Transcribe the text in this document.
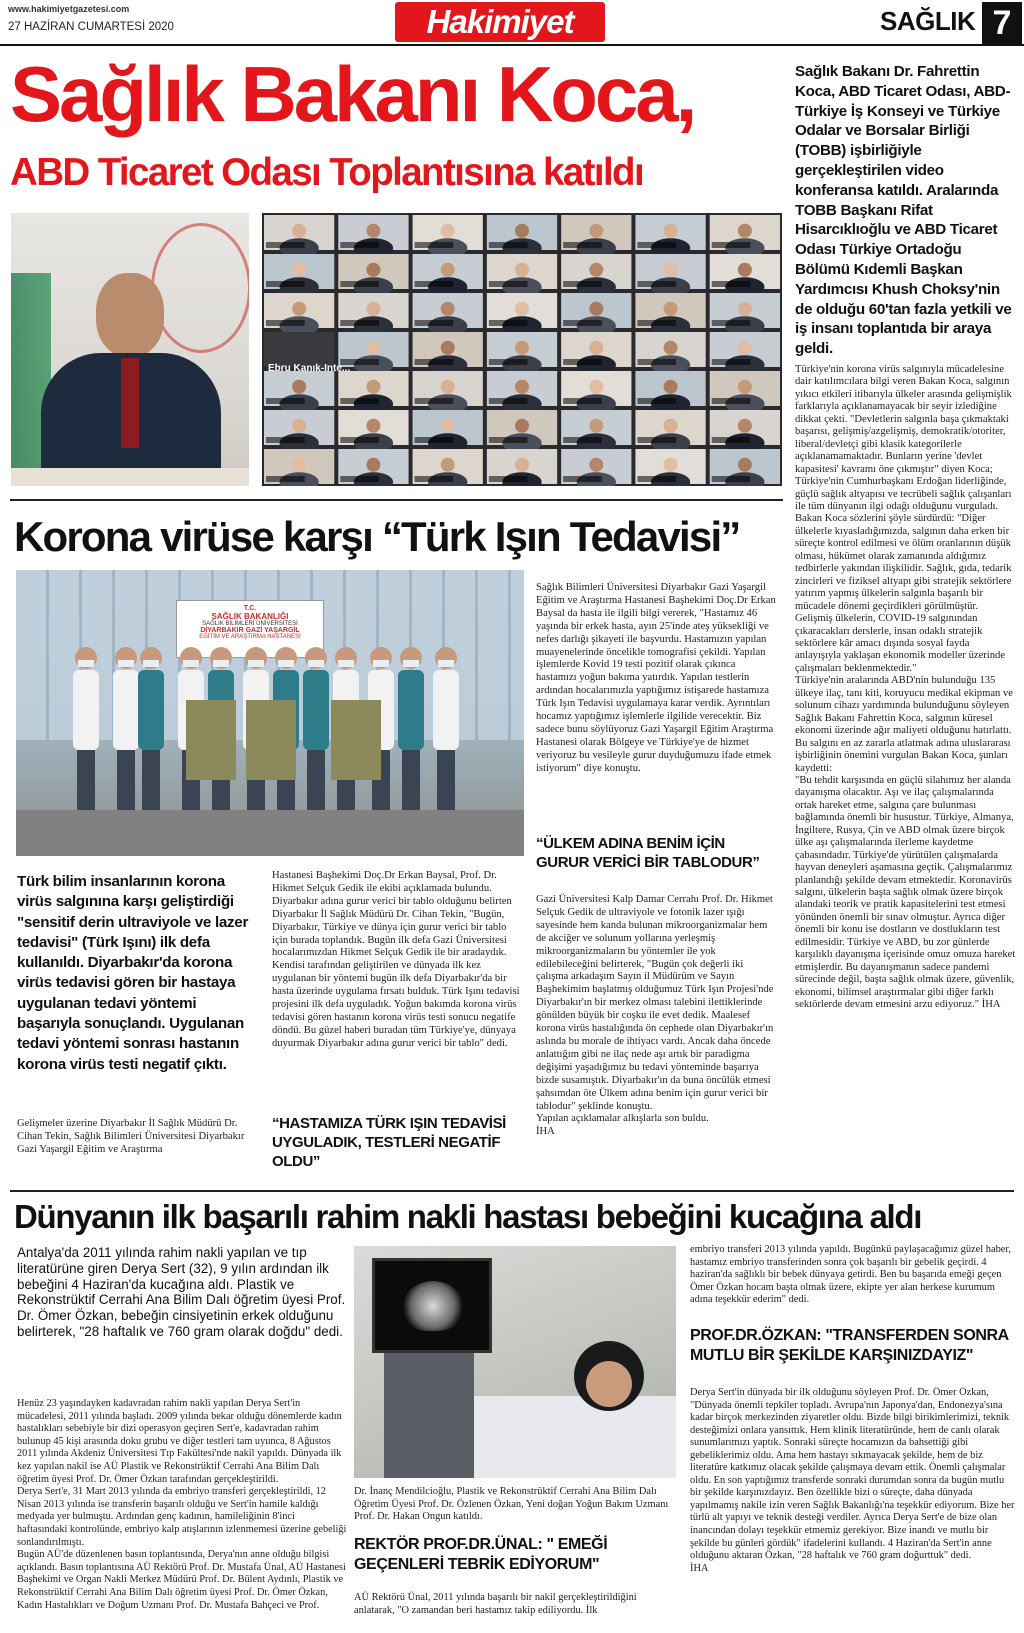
www.hakimiyetgazetesi.com
27 HAZİRAN CUMARTESİ 2020	Hakimiyet	SAĞLIK 7
Sağlık Bakanı Koca,
ABD Ticaret Odası Toplantısına katıldı
Ebru Kanık-Inte...
Sağlık Bakanı Dr. Fahrettin Koca, ABD Ticaret Odası, ABD-Türkiye İş Konseyi ve Türkiye Odalar ve Borsalar Birliği (TOBB) işbirliğiyle gerçekleştirilen video konferansa katıldı. Aralarında TOBB Başkanı Rifat Hisarcıklıoğlu ve ABD Ticaret Odası Türkiye Ortadoğu Bölümü Kıdemli Başkan Yardımcısı Khush Choksy'nin de olduğu 60'tan fazla yetkili ve iş insanı toplantıda bir araya geldi.
Türkiye'nin korona virüs salgınıyla mücadelesine dair katılımcılara bilgi veren Bakan Koca, salgının yıkıcı etkileri itibarıyla ülkeler arasında gelişmişlik farklarıyla açıklanamayacak bir seyir izlediğine dikkat çekti. "Devletlerin salgınla başa çıkmaktaki başarısı, gelişmiş/azgelişmiş, demokratik/otoriter, liberal/devletçi gibi klasik kategorilerle açıklanamamaktadır. Bunların yerine 'devlet kapasitesi' kavramı öne çıkmıştır" diyen Koca; Türkiye'nin Cumhurbaşkanı Erdoğan liderliğinde, güçlü sağlık altyapısı ve tecrübeli sağlık çalışanları ile tüm dünyanın ilgi odağı olduğunu vurguladı.
Bakan Koca sözlerini şöyle sürdürdü: "Diğer ülkelerle kıyasladığımızda, salgının daha erken bir süreçte kontrol edilmesi ve ölüm oranlarının düşük olması, hükümet olarak zamanında aldığımız tedbirlerle yakından ilişkilidir. Sağlık, gıda, tedarik zincirleri ve fiziksel altyapı gibi stratejik sektörlere yatırım yapmış ülkelerin salgınla başarılı bir mücadele dönemi geçirdikleri görülmüştür. Gelişmiş ülkelerin, COVID-19 salgınından çıkaracakları derslerle, insan odaklı stratejik sektörlere kâr amacı dışında sosyal fayda anlayışıyla yaklaşan ekonomik modeller üzerinde çalışmaları beklenmektedir."
Türkiye'nin aralarında ABD'nin bulunduğu 135 ülkeye ilaç, tanı kiti, koruyucu medikal ekipman ve solunum cihazı yardımında bulunduğunu söyleyen Sağlık Bakanı Fahrettin Koca, salgının küresel ekonomi üzerinde ağır maliyeti olduğunu hatırlattı. Bu salgını en az zararla atlatmak adına uluslararası işbirliğinin önemini vurgulan Bakan Koca, şunları kaydetti:
"Bu tehdit karşısında en güçlü silahımız her alanda dayanışma olacaktır. Aşı ve ilaç çalışmalarında ortak hareket etme, salgına çare bulunması bağlamında önemli bir husustur. Türkiye, Almanya, İngiltere, Rusya, Çin ve ABD olmak üzere birçok ülke aşı çalışmalarında ilerleme kaydetme çabasındadır. Türkiye'de yürütülen çalışmalarda hayvan deneyleri aşamasına geçtik. Çalışmalarımız planlandığı şekilde devam etmektedir. Koronavirüs salgını, ülkelerin başta sağlık olmak üzere birçok alandaki teorik ve pratik kapasitelerini test etmesi yönünden önemli bir sınav olmuştur. Ayrıca diğer önemli bir konu ise dostların ve dostlukların test edilmesidir. Türkiye ve ABD, bu zor günlerde karşılıklı dayanışma içerisinde omuz omuza hareket etmişlerdir. Bu dayanışmanın sadece pandemi sürecinde değil, başta sağlık olmak üzere, güvenlik, ekonomi, bilimsel araştırmalar gibi diğer farklı sektörlerde devam etmesini arzu ediyoruz." İHA
Korona virüse karşı “Türk Işın Tedavisi”
T.C.
SAĞLIK BAKANLIĞI
SAĞLIK BİLİMLERİ ÜNİVERSİTESİ
DİYARBAKIR GAZİ YAŞARGİL
EĞİTİM VE ARAŞTIRMA HASTANESİ
Türk bilim insanlarının korona virüs salgınına karşı geliştirdiği "sensitif derin ultraviyole ve lazer tedavisi" (Türk Işını) ilk defa kullanıldı. Diyarbakır'da korona virüs tedavisi gören bir hastaya uygulanan tedavi yöntemi başarıyla sonuçlandı. Uygulanan tedavi yöntemi sonrası hastanın korona virüs testi negatif çıktı.
Gelişmeler üzerine Diyarbakır İl Sağlık Müdürü Dr. Cihan Tekin, Sağlık Bilimleri Üniversitesi Diyarbakır Gazi Yaşargil Eğitim ve Araştırma
Hastanesi Başhekimi Doç.Dr Erkan Baysal, Prof. Dr. Hikmet Selçuk Gedik ile ekibi açıklamada bulundu.
Diyarbakır adına gurur verici bir tablo olduğunu belirten Diyarbakır İl Sağlık Müdürü Dr. Cihan Tekin, "Bugün, Diyarbakır, Türkiye ve dünya için gurur verici bir tablo için burada toplandık. Bugün ilk defa Gazi Üniversitesi hocalarımızdan Hikmet Selçuk Gedik ile bir aradaydık. Kendisi tarafından geliştirilen ve dünyada ilk kez uygulanan bir yöntemi bugün ilk defa Diyarbakır'da bir hasta üzerinde uygulama fırsatı bulduk. Türk Işını tedavisi projesini ilk defa uyguladık. Yoğun bakımda korona virüs tedavisi gören hastanın korona virüs testi sonucu negatife döndü. Bu güzel haberi buradan tüm Türkiye'ye, dünyaya duyurmak Diyarbakır adına gurur verici bir tablo" dedi.
“HASTAMIZA TÜRK IŞIN TEDAVİSİ UYGULADIK, TESTLERİ NEGATİF OLDU”
Sağlık Bilimleri Üniversitesi Diyarbakır Gazi Yaşargil Eğitim ve Araştırma Hastanesi Başhekimi Doç.Dr Erkan Baysal da hasta ile ilgili bilgi vererek, "Hastamız 46 yaşında bir erkek hasta, ayın 25'inde ateş yüksekliği ve nefes darlığı şikayeti ile başvurdu. Hastamızın yapılan muayenelerinde öncelikle tomografisi çekildi. Yapılan işlemlerde Kovid 19 testi pozitif olarak çıkınca hastamızı yoğun bakıma yatırdık. Yapılan testlerin ardından hocalarımızla yaptığımız istişarede hastamıza Türk Işın Tedavisi uygulamaya karar verdik. Ayrıntıları hocamız yaptığımız işlemlerle ilgilide verecektir. Biz sadece bunu söylüyoruz Gazi Yaşargil Eğitim Araştırma Hastanesi olarak Bölgeye ve Türkiye'ye de hizmet veriyoruz bu vesileyle gurur duyduğumuzu ifade etmek istiyorum" diye konuştu.
“ÜLKEM ADINA BENİM İÇİN GURUR VERİCİ BİR TABLODUR”
Gazi Üniversitesi Kalp Damar Cerrahı Prof. Dr. Hikmet Selçuk Gedik de ultraviyole ve fotonik lazer ışığı sayesinde hem kanda bulunan mikroorganizmalar hem de akciğer ve solunum yollarına yerleşmiş mikroorganizmaların bu yöntemler ile yok edilebileceğini belirterek, "Bugün çok değerli iki çalışma arkadaşım Sayın il Müdürüm ve Sayın Başhekimim başlatmış olduğumuz Türk Işın Projesi'nde Diyarbakır'ın bir merkez olması talebini ilettiklerinde gönülden büyük bir coşku ile evet dedik. Maalesef korona virüs hastalığında ön cephede olan Diyarbakır'ın aslında bu morale de ihtiyacı vardı. Ancak daha öncede anlattığım gibi ne ilaç nede aşı artık bir paradigma değişimi yaşadığımız bu tedavi yönteminde başarıya bizde susamıştık. Diyarbakır'ın da buna öncülük etmesi şahsımdan öte Ülkem adına benim için gurur verici bir tablodur" şeklinde konuştu.
Yapılan açıklamalar alkışlarla son buldu.
İHA
Dünyanın ilk başarılı rahim nakli hastası bebeğini kucağına aldı
Antalya'da 2011 yılında rahim nakli yapılan ve tıp literatürüne giren Derya Sert (32), 9 yılın ardından ilk bebeğini 4 Haziran'da kucağına aldı. Plastik ve Rekonstrüktif Cerrahi Ana Bilim Dalı öğretim üyesi Prof. Dr. Ömer Özkan, bebeğin cinsiyetinin erkek olduğunu belirterek, "28 haftalık ve 760 gram olarak doğdu" dedi.
Henüz 23 yaşındayken kadavradan rahim nakli yapılan Derya Sert'in mücadelesi, 2011 yılında başladı. 2009 yılında bekar olduğu dönemlerde kadın hastalıkları sebebiyle bir dizi operasyon geçiren Sert'e, kadavradan rahim bulunup 45 kişi arasında doku grubu ve diğer testleri tam uyunca, 8 Ağustos 2011 yılında Akdeniz Üniversitesi Tıp Fakültesi'nde nakil yapıldı. Dünyada ilk kez yapılan nakil ise AÜ Plastik ve Rekonstrüktif Cerrahi Ana Bilim Dalı öğretim üyesi Prof. Dr. Ömer Özkan tarafından gerçekleştirildi.
Derya Sert'e, 31 Mart 2013 yılında da embriyo transferi gerçekleştirildi, 12 Nisan 2013 yılında ise transferin başarılı olduğu ve Sert'in hamile kaldığı medyada yer bulmuştu. Ardından genç kadının, hamileliğinin 8'inci haftasındaki kontrolünde, embriyo kalp atışlarının izlenmemesi üzerine gebeliği sonlandırılmıştı.
Bugün AÜ'de düzenlenen basın toplantısında, Derya'nın anne olduğu bilgisi açıklandı. Basın toplantısına AÜ Rektörü Prof. Dr. Mustafa Ünal, AÜ Hastanesi Başhekimi ve Organ Nakli Merkez Müdürü Prof. Dr. Bülent Aydınlı, Plastik ve Rekonstrüktif Cerrahi Ana Bilim Dalı öğretim üyesi Prof. Dr. Ömer Özkan, Kadın Hastalıkları ve Doğum Uzmanı Prof. Dr. Mustafa Bahçeci ve Prof.
Dr. İnanç Mendilcioğlu, Plastik ve Rekonstrüktif Cerrahi Ana Bilim Dalı Öğretim Üyesi Prof. Dr. Özlenen Özkan, Yeni doğan Yoğun Bakım Uzmanı Prof. Dr. Hakan Ongun katıldı.
REKTÖR PROF.DR.ÜNAL: " EMEĞİ GEÇENLERİ TEBRİK EDİYORUM"
AÜ Rektörü Ünal, 2011 yılında başarılı bir nakil gerçekleştirildiğini anlatarak, "O zamandan beri hastamız takip ediliyordu. İlk
embriyo transferi 2013 yılında yapıldı. Bugünkü paylaşacağımız güzel haber, hastamız embriyo transferinden sonra çok başarılı bir gebelik geçirdi. 4 haziran'da sağlıklı bir bebek dünyaya getirdi. Ben bu başarıda emeği geçen Ömer Özkan hocam başta olmak üzere, ekipte yer alan herkese kurumum adına teşekkür ederim" dedi.
PROF.DR.ÖZKAN: "TRANSFERDEN SONRA MUTLU BİR ŞEKİLDE KARŞINIZDAYIZ"
Derya Sert'in dünyada bir ilk olduğunu söyleyen Prof. Dr. Ömer Özkan, "Dünyada önemli tepkiler topladı. Avrupa'nın Japonya'dan, Endonezya'sına kadar birçok merkezinden ziyaretler oldu. Bizde bilgi birikimlerimizi, teknik desteğimizi onlara yansıttık. Hem klinik literatüründe, hem de canlı olarak sunumlarımızı yaptık. Sonraki süreçte hocamızın da bahsettiği gibi gebeliklerimiz oldu. Ama hem hastayı sıkmayacak şekilde, hem de biz literatüre katkımız olacak şekilde çalışmaya devam ettik. Önemli çalışmalar oldu. En son yaptığımız transferde sonraki durumdan sonra da bugün mutlu bir şekilde karşınızdayız. Ben özellikle bizi o süreçte, daha dünyada yapılmamış nakile izin veren Sağlık Bakanlığı'na teşekkür ediyorum. Bize her türlü alt yapıyı ve teknik desteği verdiler. Ayrıca Derya Sert'e de bize olan inancından dolayı teşekkür etmemiz gerekiyor. Bize inandı ve mutlu bir şekilde bu günleri gördük" ifadelerini kullandı. 4 Haziran'da Sert'in anne olduğunu aktaran Özkan, "28 haftalık ve 760 gram doğurttuk" dedi.
İHA
